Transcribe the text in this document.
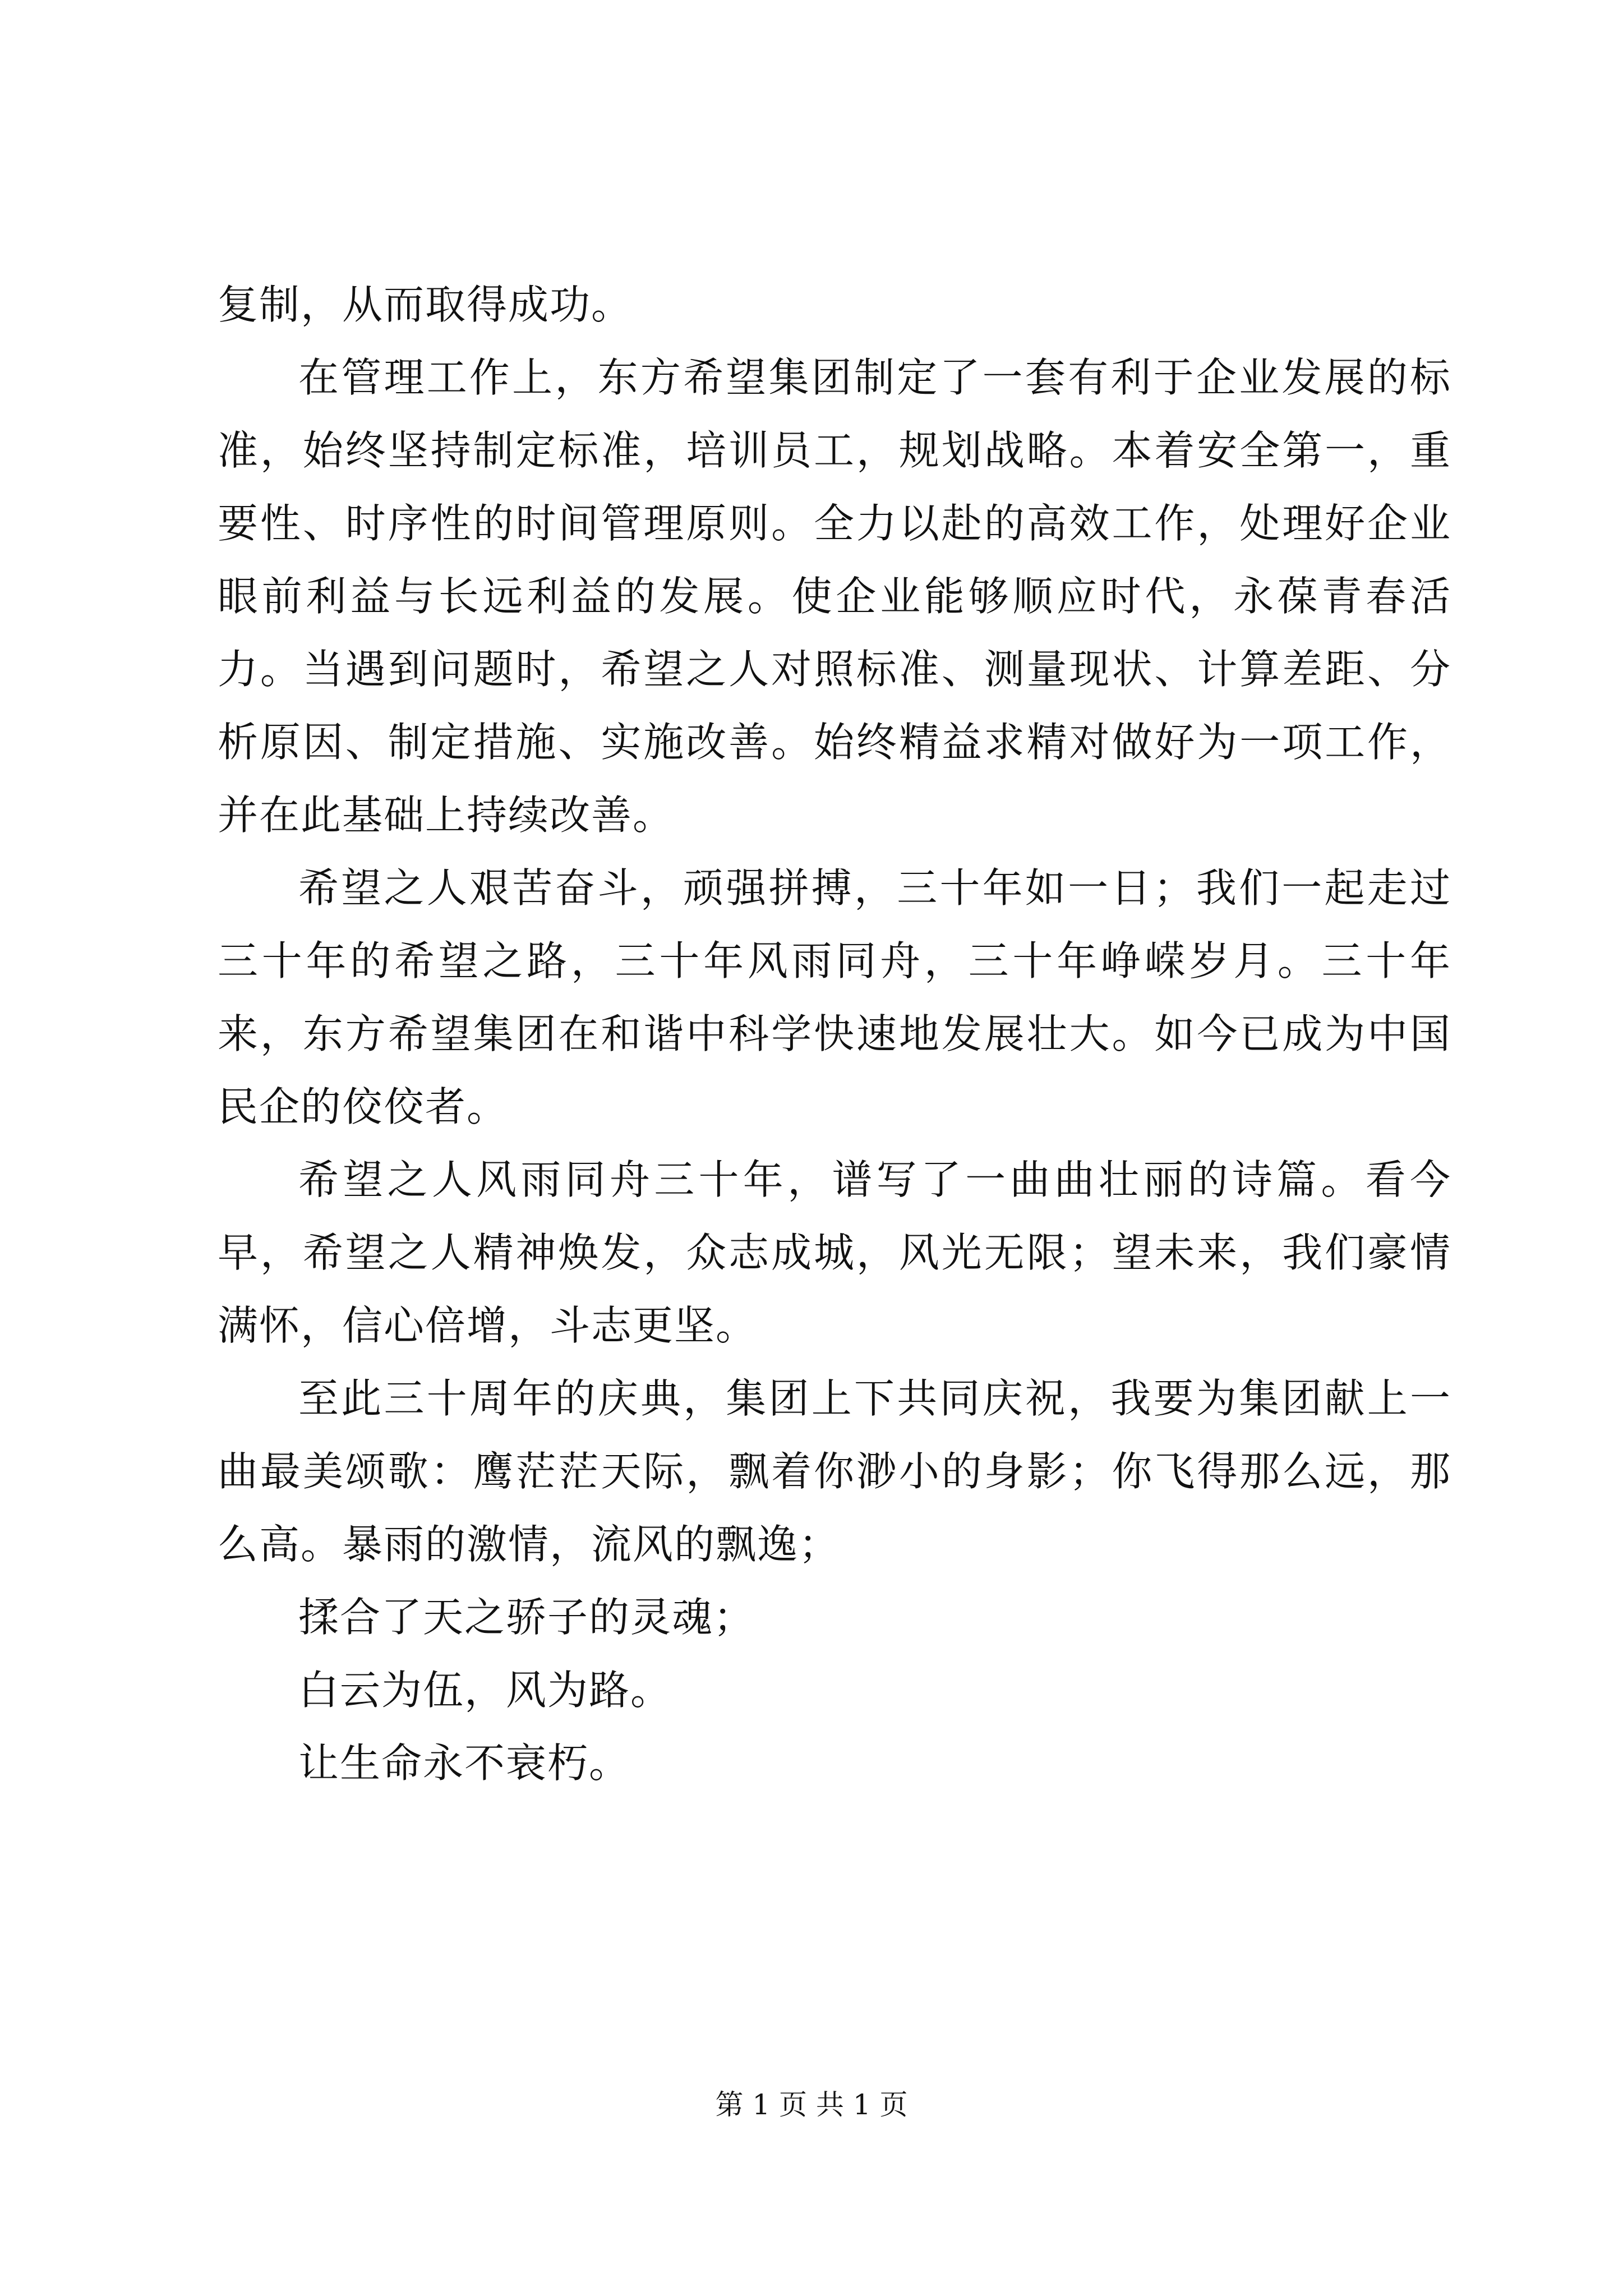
复制，从而取得成功。

在管理工作上，东方希望集团制定了一套有利于企业发展的标准，始终坚持制定标准，培训员工，规划战略。本着安全第一，重要性、时序性的时间管理原则。全力以赴的高效工作，处理好企业眼前利益与长远利益的发展。使企业能够顺应时代，永葆青春活力。当遇到问题时，希望之人对照标准、测量现状、计算差距、分析原因、制定措施、实施改善。始终精益求精对做好为一项工作，并在此基础上持续改善。

希望之人艰苦奋斗，顽强拼搏，三十年如一日；我们一起走过三十年的希望之路，三十年风雨同舟，三十年峥嵘岁月。三十年来，东方希望集团在和谐中科学快速地发展壮大。如今已成为中国民企的佼佼者。

希望之人风雨同舟三十年，谱写了一曲曲壮丽的诗篇。看今早，希望之人精神焕发，众志成城，风光无限；望未来，我们豪情满怀，信心倍增，斗志更坚。

至此三十周年的庆典，集团上下共同庆祝，我要为集团献上一曲最美颂歌：鹰茫茫天际，飘着你渺小的身影；你飞得那么远，那么高。暴雨的激情，流风的飘逸；

揉合了天之骄子的灵魂；

白云为伍，风为路。

让生命永不衰朽。

第 1 页 共 1 页
